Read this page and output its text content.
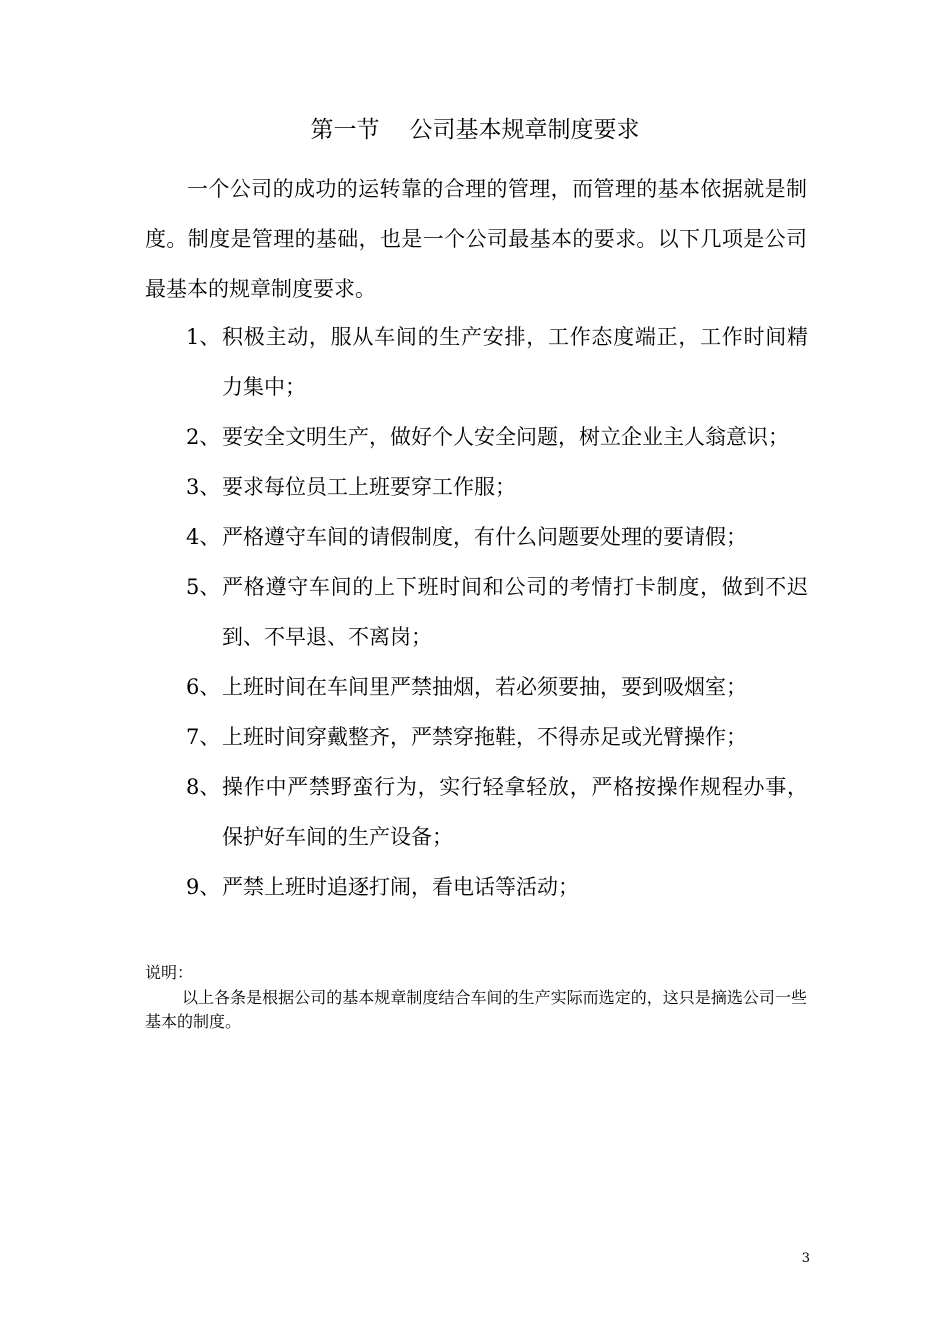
第一节 公司基本规章制度要求

一个公司的成功的运转靠的合理的管理，而管理的基本依据就是制度。制度是管理的基础，也是一个公司最基本的要求。以下几项是公司最基本的规章制度要求。

1、 积极主动，服从车间的生产安排，工作态度端正，工作时间精力集中；
2、 要安全文明生产，做好个人安全问题，树立企业主人翁意识；
3、 要求每位员工上班要穿工作服；
4、 严格遵守车间的请假制度，有什么问题要处理的要请假；
5、 严格遵守车间的上下班时间和公司的考情打卡制度，做到不迟到、不早退、不离岗；
6、 上班时间在车间里严禁抽烟，若必须要抽，要到吸烟室；
7、 上班时间穿戴整齐，严禁穿拖鞋，不得赤足或光臂操作；
8、 操作中严禁野蛮行为，实行轻拿轻放，严格按操作规程办事，保护好车间的生产设备；
9、 严禁上班时追逐打闹，看电话等活动；
说明：

以上各条是根据公司的基本规章制度结合车间的生产实际而选定的，这只是摘选公司一些基本的制度。

3
